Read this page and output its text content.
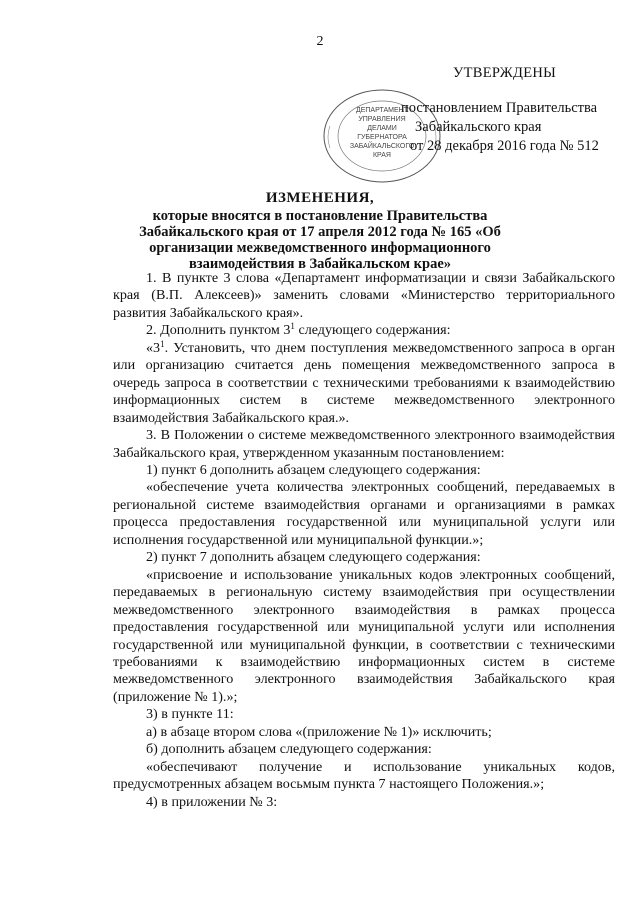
2
ДЕПАРТАМЕНТ
УПРАВЛЕНИЯ
ДЕЛАМИ
ГУБЕРНАТОРА
ЗАБАЙКАЛЬСКОГО
КРАЯ
УТВЕРЖДЕНЫ
постановлением Правительства
Забайкальского края
от 28 декабря 2016 года № 512
ИЗМЕНЕНИЯ,
которые вносятся в постановление Правительства Забайкальского края от 17 апреля 2012 года № 165 «Об организации межведомственного информационного взаимодействия в Забайкальском крае»

1. В пункте 3 слова «Департамент информатизации и связи Забайкальского края (В.П. Алексеев)» заменить словами «Министерство территориального развития Забайкальского края».

2. Дополнить пунктом $3^1$ следующего содержания:

«$3^1$. Установить, что днем поступления межведомственного запроса в орган или организацию считается день помещения межведомственного запроса в очередь запроса в соответствии с техническими требованиями к взаимодействию информационных систем в системе межведомственного электронного взаимодействия Забайкальского края.».

3. В Положении о системе межведомственного электронного взаимодействия Забайкальского края, утвержденном указанным постановлением:

1) пункт 6 дополнить абзацем следующего содержания:

«обеспечение учета количества электронных сообщений, передаваемых в региональной системе взаимодействия органами и организациями в рамках процесса предоставления государственной или муниципальной услуги или исполнения государственной или муниципальной функции.»;

2) пункт 7 дополнить абзацем следующего содержания:

«присвоение и использование уникальных кодов электронных сообщений, передаваемых в региональную систему взаимодействия при осуществлении межведомственного электронного взаимодействия в рамках процесса предоставления государственной или муниципальной услуги или исполнения государственной или муниципальной функции, в соответствии с техническими требованиями к взаимодействию информационных систем в системе межведомственного электронного взаимодействия Забайкальского края (приложение № 1).»;

3) в пункте 11:

а) в абзаце втором слова «(приложение № 1)» исключить;

б) дополнить абзацем следующего содержания:

«обеспечивают получение и использование уникальных кодов, предусмотренных абзацем восьмым пункта 7 настоящего Положения.»;

4) в приложении № 3:
